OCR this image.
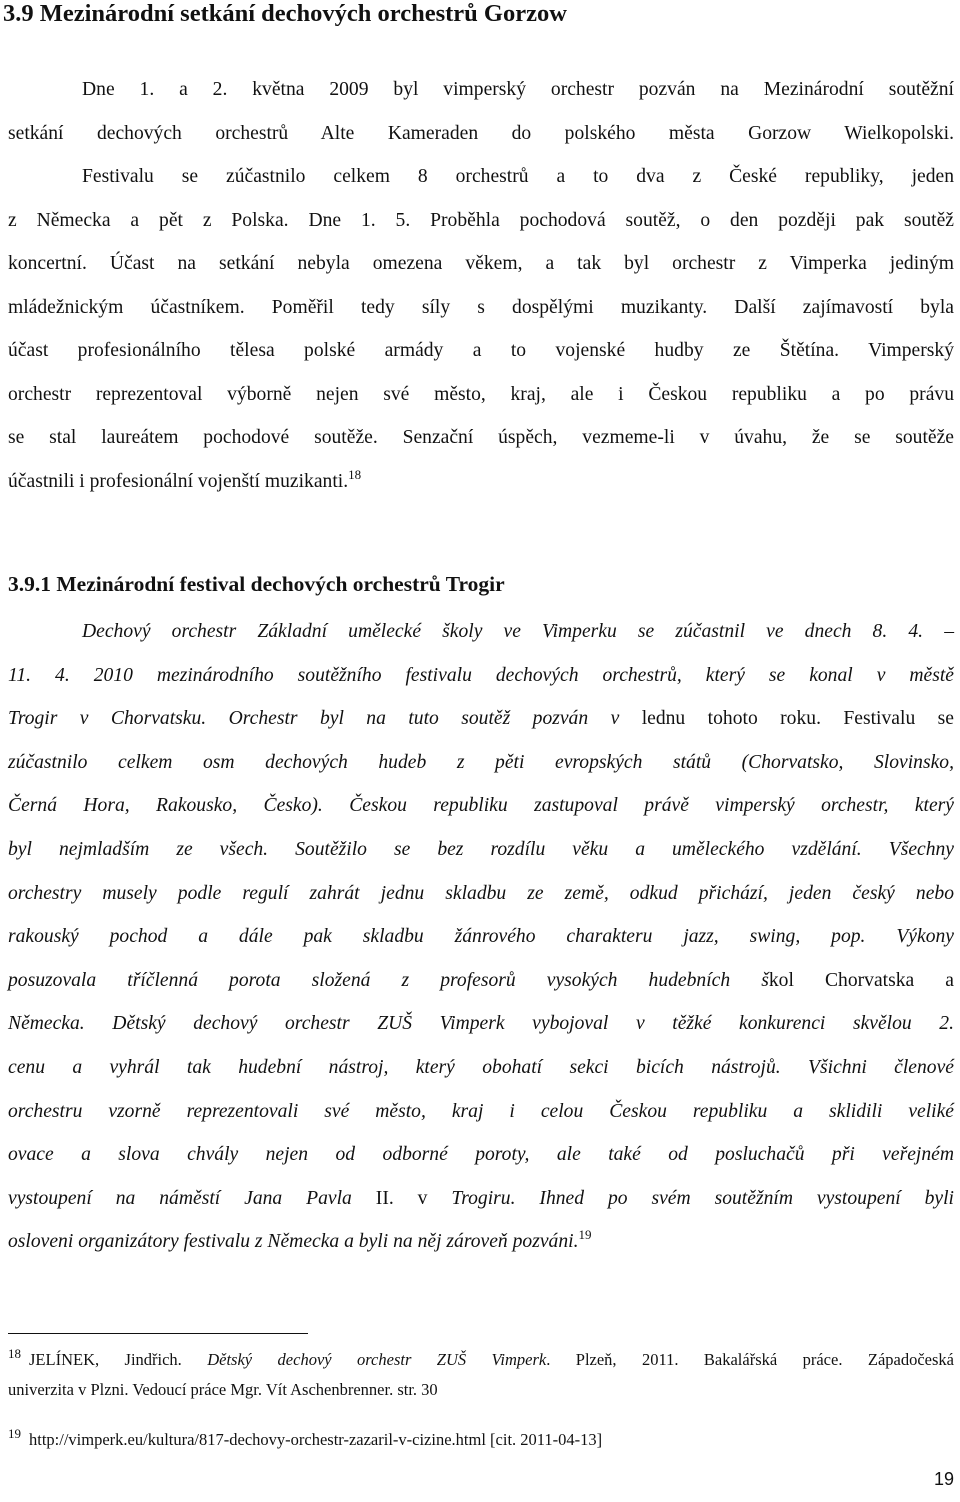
3.9 Mezinárodní setkání dechových orchestrů Gorzow
Dne 1. a 2. května 2009 byl vimperský orchestr pozván na Mezinárodní soutěžní
setkání dechových orchestrů Alte Kameraden do polského města Gorzow Wielkopolski.
Festivalu se zúčastnilo celkem 8 orchestrů a to dva z České republiky, jeden
z Německa a pět z Polska. Dne 1. 5. Proběhla pochodová soutěž, o den později pak soutěž
koncertní. Účast na setkání nebyla omezena věkem, a tak byl orchestr z Vimperka jediným
mládežnickým účastníkem. Poměřil tedy síly s dospělými muzikanty. Další zajímavostí byla
účast profesionálního tělesa polské armády a to vojenské hudby ze Štětína. Vimperský
orchestr reprezentoval výborně nejen své město, kraj, ale i Českou republiku a po právu
se stal laureátem pochodové soutěže. Senzační úspěch, vezmeme-li v úvahu, že se soutěže
účastnili i profesionální vojenští muzikanti.$^{18}$
3.9.1 Mezinárodní festival dechových orchestrů Trogir
Dechový orchestr Základní umělecké školy ve Vimperku se zúčastnil ve dnech 8. 4. –
11. 4. 2010 mezinárodního soutěžního festivalu dechových orchestrů, který se konal v městě
Trogir v Chorvatsku. Orchestr byl na tuto soutěž pozván v lednu tohoto roku. Festivalu se
zúčastnilo celkem osm dechových hudeb z pěti evropských států (Chorvatsko, Slovinsko,
Černá Hora, Rakousko, Česko). Českou republiku zastupoval právě vimperský orchestr, který
byl nejmladším ze všech. Soutěžilo se bez rozdílu věku a uměleckého vzdělání. Všechny
orchestry musely podle regulí zahrát jednu skladbu ze země, odkud přichází, jeden český nebo
rakouský pochod a dále pak skladbu žánrového charakteru jazz, swing, pop. Výkony
posuzovala tříčlenná porota složená z profesorů vysokých hudebních škol Chorvatska a
Německa. Dětský dechový orchestr ZUŠ Vimperk vybojoval v těžké konkurenci skvělou 2.
cenu a vyhrál tak hudební nástroj, který obohatí sekci bicích nástrojů. Všichni členové
orchestru vzorně reprezentovali své město, kraj i celou Českou republiku a sklidili veliké
ovace a slova chvály nejen od odborné poroty, ale také od posluchačů při veřejném
vystoupení na náměstí Jana Pavla II. v Trogiru. Ihned po svém soutěžním vystoupení byli
osloveni organizátory festivalu z Německa a byli na něj zároveň pozváni.$^{19}$
$^{18}$ JELÍNEK, Jindřich. Dětský dechový orchestr ZUŠ Vimperk. Plzeň, 2011. Bakalářská práce. Západočeská
univerzita v Plzni. Vedoucí práce Mgr. Vít Aschenbrenner. str. 30
$^{19}$ http://vimperk.eu/kultura/817-dechovy-orchestr-zazaril-v-cizine.html [cit. 2011-04-13]
19
